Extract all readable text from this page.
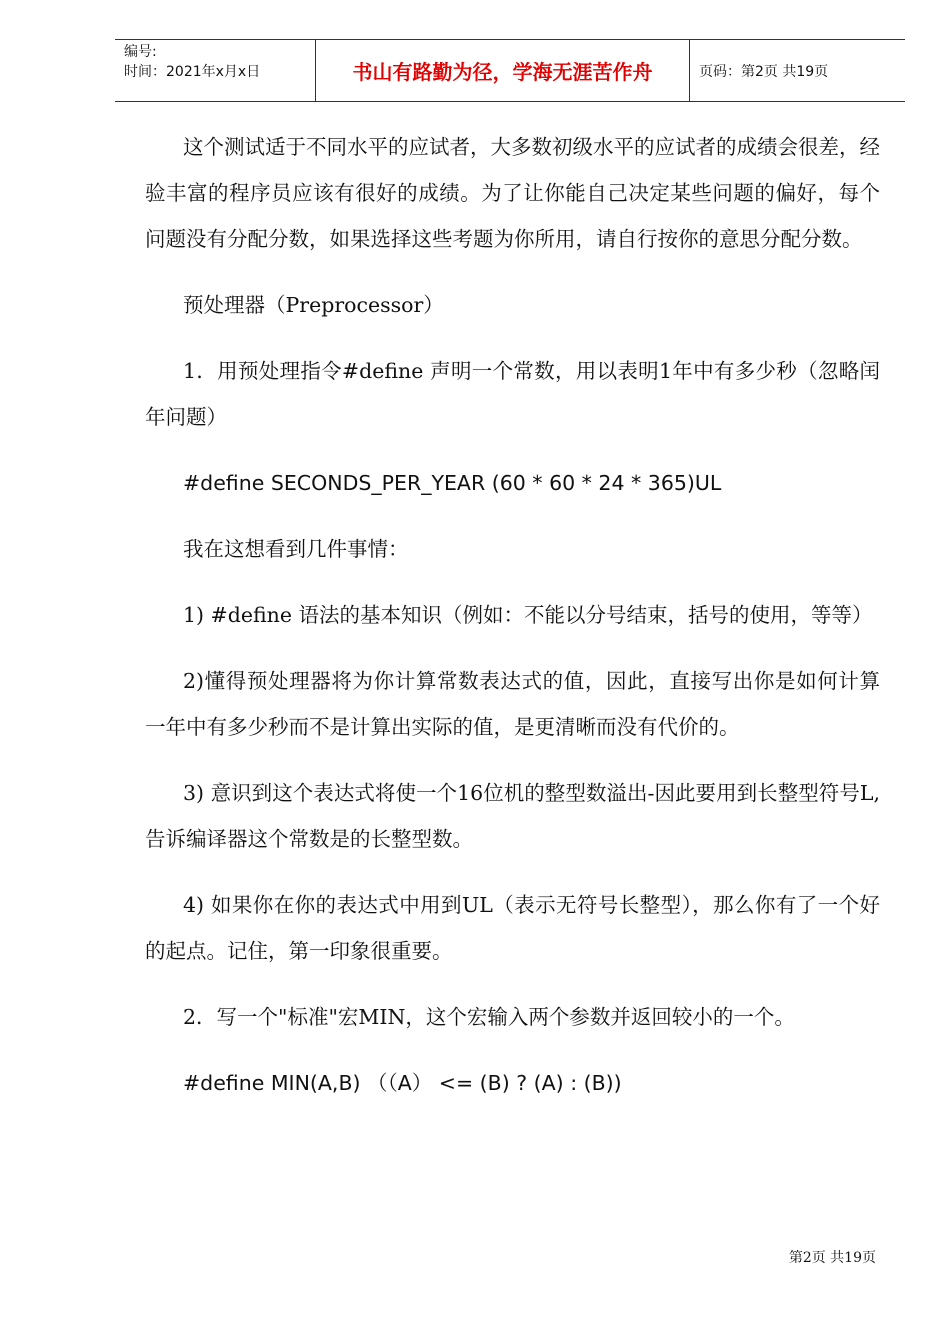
编号:
时间：2021年x月x日	书山有路勤为径，学海无涯苦作舟	页码：第2页 共19页

这个测试适于不同水平的应试者，大多数初级水平的应试者的成绩会很差，经验丰富的程序员应该有很好的成绩。为了让你能自己决定某些问题的偏好，每个问题没有分配分数，如果选择这些考题为你所用，请自行按你的意思分配分数。

预处理器（Preprocessor）

1．用预处理指令#define 声明一个常数，用以表明1年中有多少秒（忽略闰年问题）

#define SECONDS_PER_YEAR (60 * 60 * 24 * 365)UL

我在这想看到几件事情：

1) #define 语法的基本知识（例如：不能以分号结束，括号的使用，等等）

2)懂得预处理器将为你计算常数表达式的值，因此，直接写出你是如何计算一年中有多少秒而不是计算出实际的值，是更清晰而没有代价的。

3) 意识到这个表达式将使一个16位机的整型数溢出-因此要用到长整型符号L,告诉编译器这个常数是的长整型数。

4) 如果你在你的表达式中用到UL（表示无符号长整型），那么你有了一个好的起点。记住，第一印象很重要。

2．写一个"标准"宏MIN，这个宏输入两个参数并返回较小的一个。

#define MIN(A,B) （（A） <= (B) ? (A) : (B))

第2页 共19页
